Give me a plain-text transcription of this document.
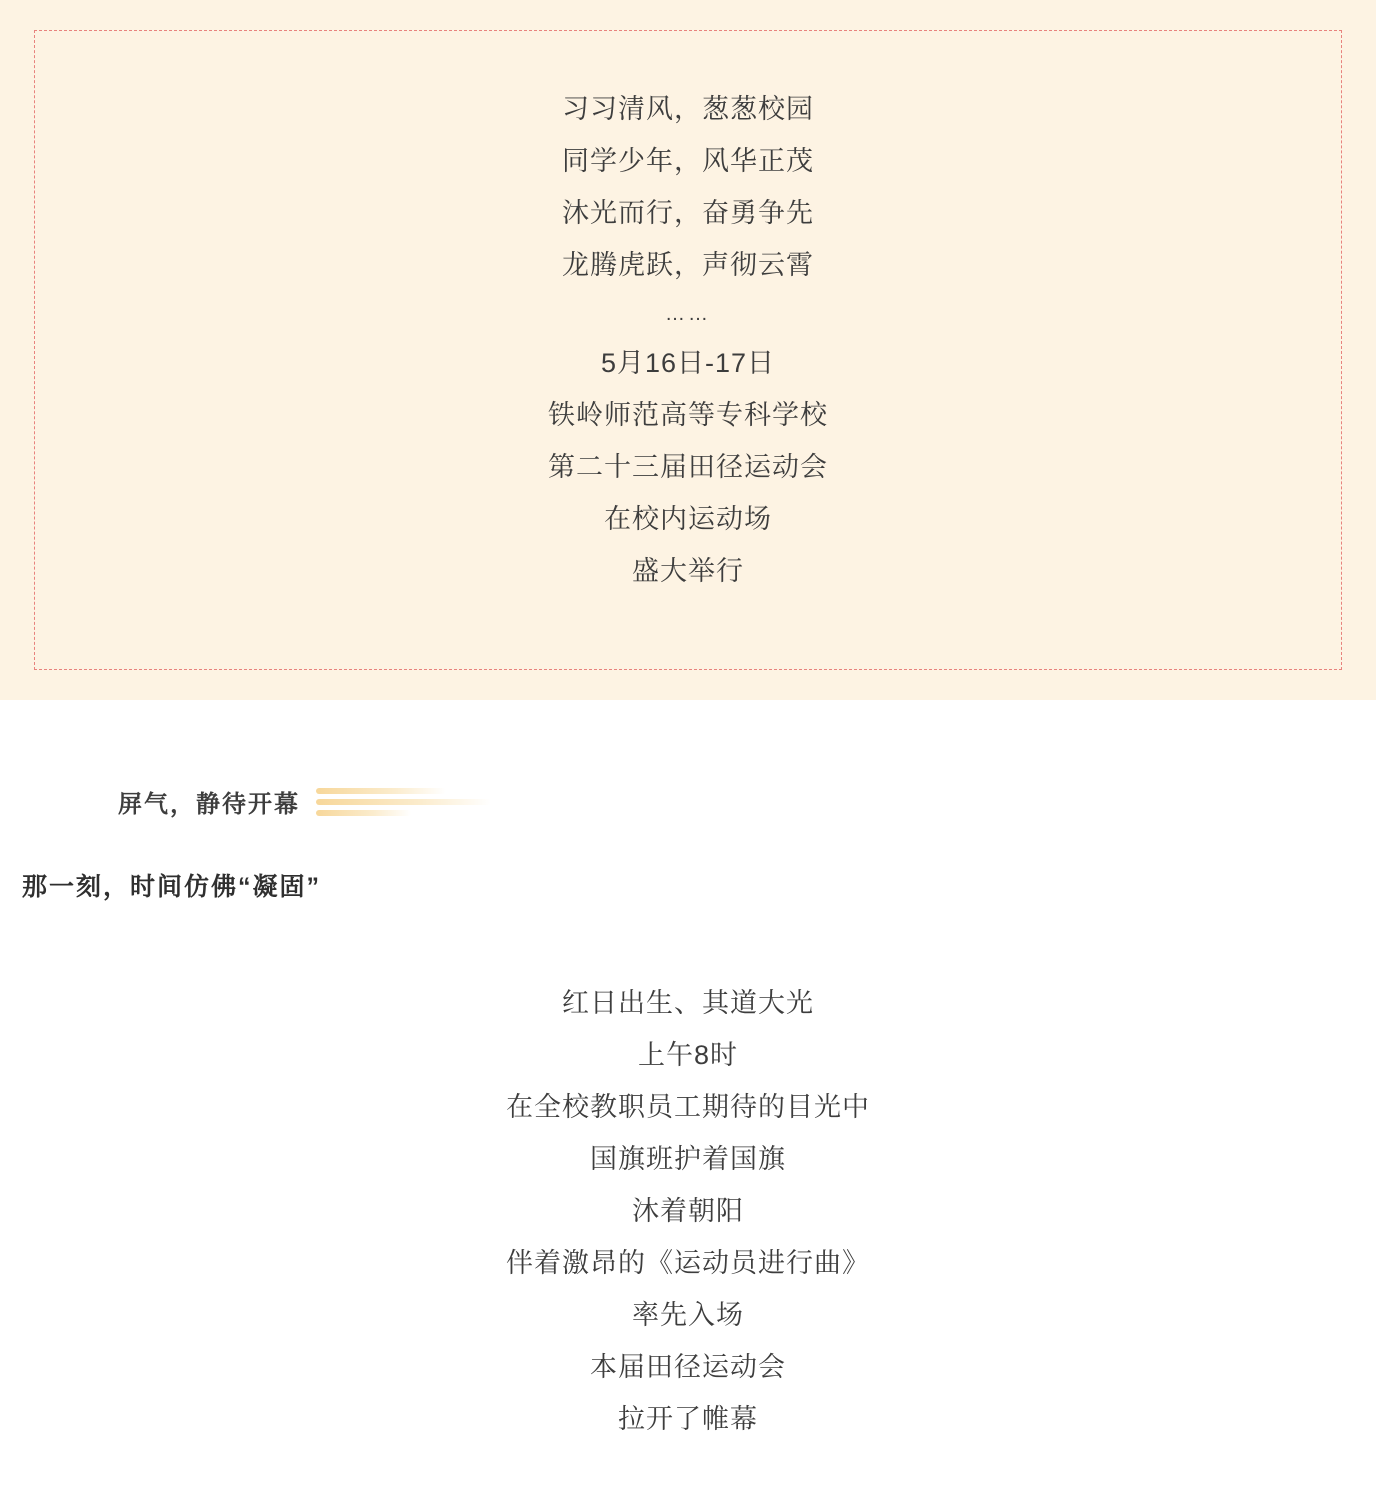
习习清风，葱葱校园
同学少年，风华正茂
沐光而行，奋勇争先
龙腾虎跃，声彻云霄
……
5月16日-17日
铁岭师范高等专科学校
第二十三届田径运动会
在校内运动场
盛大举行
屏气，静待开幕
那一刻，时间仿佛“凝固”
红日出生、其道大光
上午8时
在全校教职员工期待的目光中
国旗班护着国旗
沐着朝阳
伴着激昂的《运动员进行曲》
率先入场
本届田径运动会
拉开了帷幕
